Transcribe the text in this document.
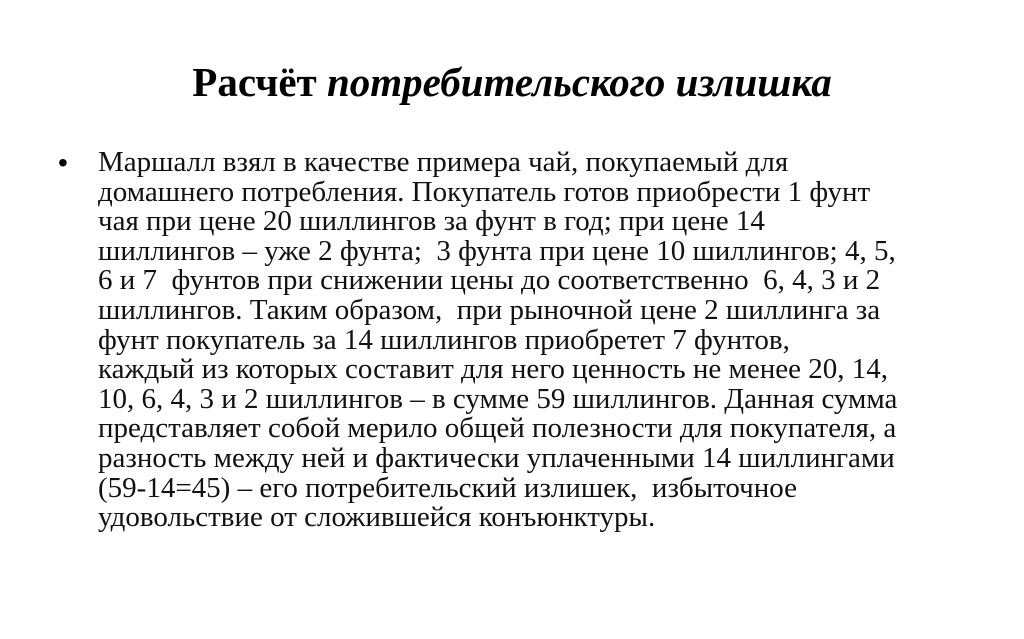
Расчёт потребительского излишка
• Маршалл взял в качестве примера чай, покупаемый для
домашнего потребления. Покупатель готов приобрести 1 фунт
чая при цене 20 шиллингов за фунт в год; при цене 14
шиллингов – уже 2 фунта;  3 фунта при цене 10 шиллингов; 4, 5,
6 и 7  фунтов при снижении цены до соответственно  6, 4, 3 и 2
шиллингов. Таким образом,  при рыночной цене 2 шиллинга за
фунт покупатель за 14 шиллингов приобретет 7 фунтов,
каждый из которых составит для него ценность не менее 20, 14,
10, 6, 4, 3 и 2 шиллингов – в сумме 59 шиллингов. Данная сумма
представляет собой мерило общей полезности для покупателя, а
разность между ней и фактически уплаченными 14 шиллингами
(59-14=45) – его потребительский излишек,  избыточное
удовольствие от сложившейся конъюнктуры.
